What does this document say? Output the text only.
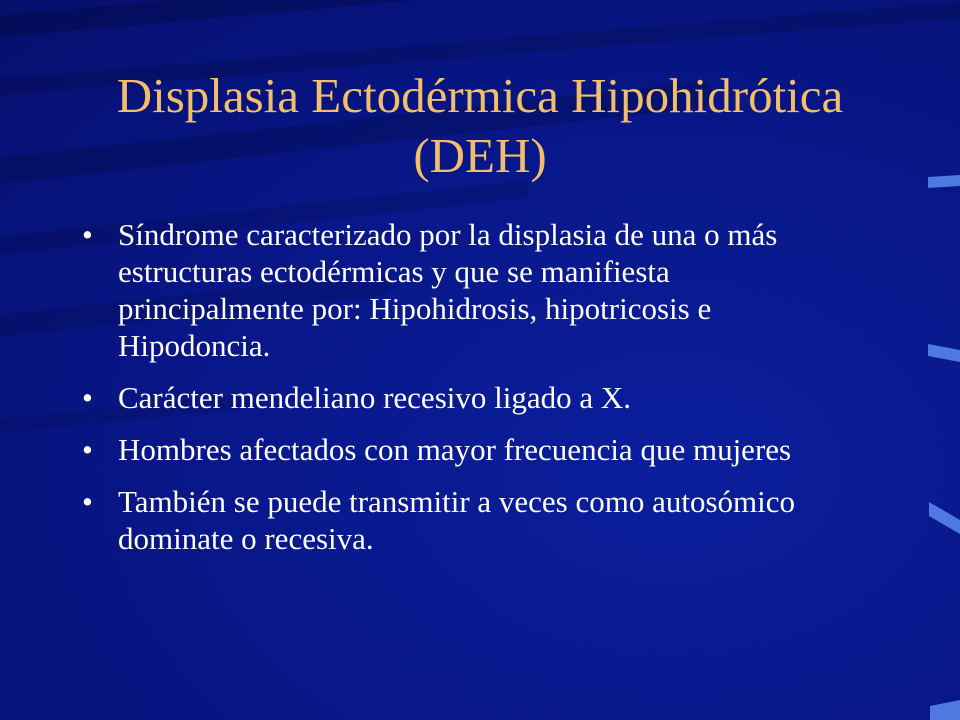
Displasia Ectodérmica Hipohidrótica
(DEH)
• Síndrome caracterizado por la displasia de una o más estructuras ectodérmicas y que se manifiesta principalmente por: Hipohidrosis, hipotricosis e Hipodoncia.
• Carácter mendeliano recesivo ligado a X.
• Hombres afectados con mayor frecuencia que mujeres
• También se puede transmitir a veces como autosómico dominate o recesiva.
